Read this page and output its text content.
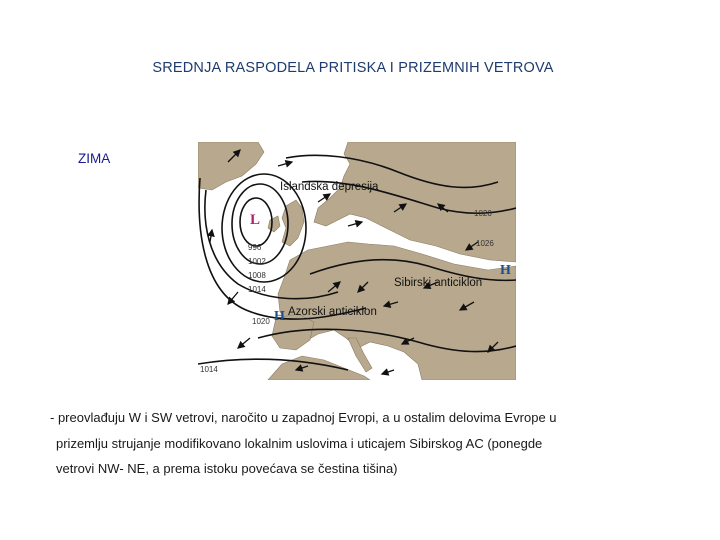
SREDNJA RASPODELA PRITISKA I PRIZEMNIH VETROVA
ZIMA
Islandska depresija
Sibirski anticiklon
Azorski anticiklon
L
H
H
996
1002
1008
1014
1020
1020
1026
1014

- preovlađuju W i SW vetrovi, naročito u zapadnoj Evropi, a u ostalim delovima Evrope u

prizemlju strujanje modifikovano lokalnim uslovima i uticajem Sibirskog AC (ponegde

vetrovi NW- NE, a prema istoku povećava se čestina tišina)
